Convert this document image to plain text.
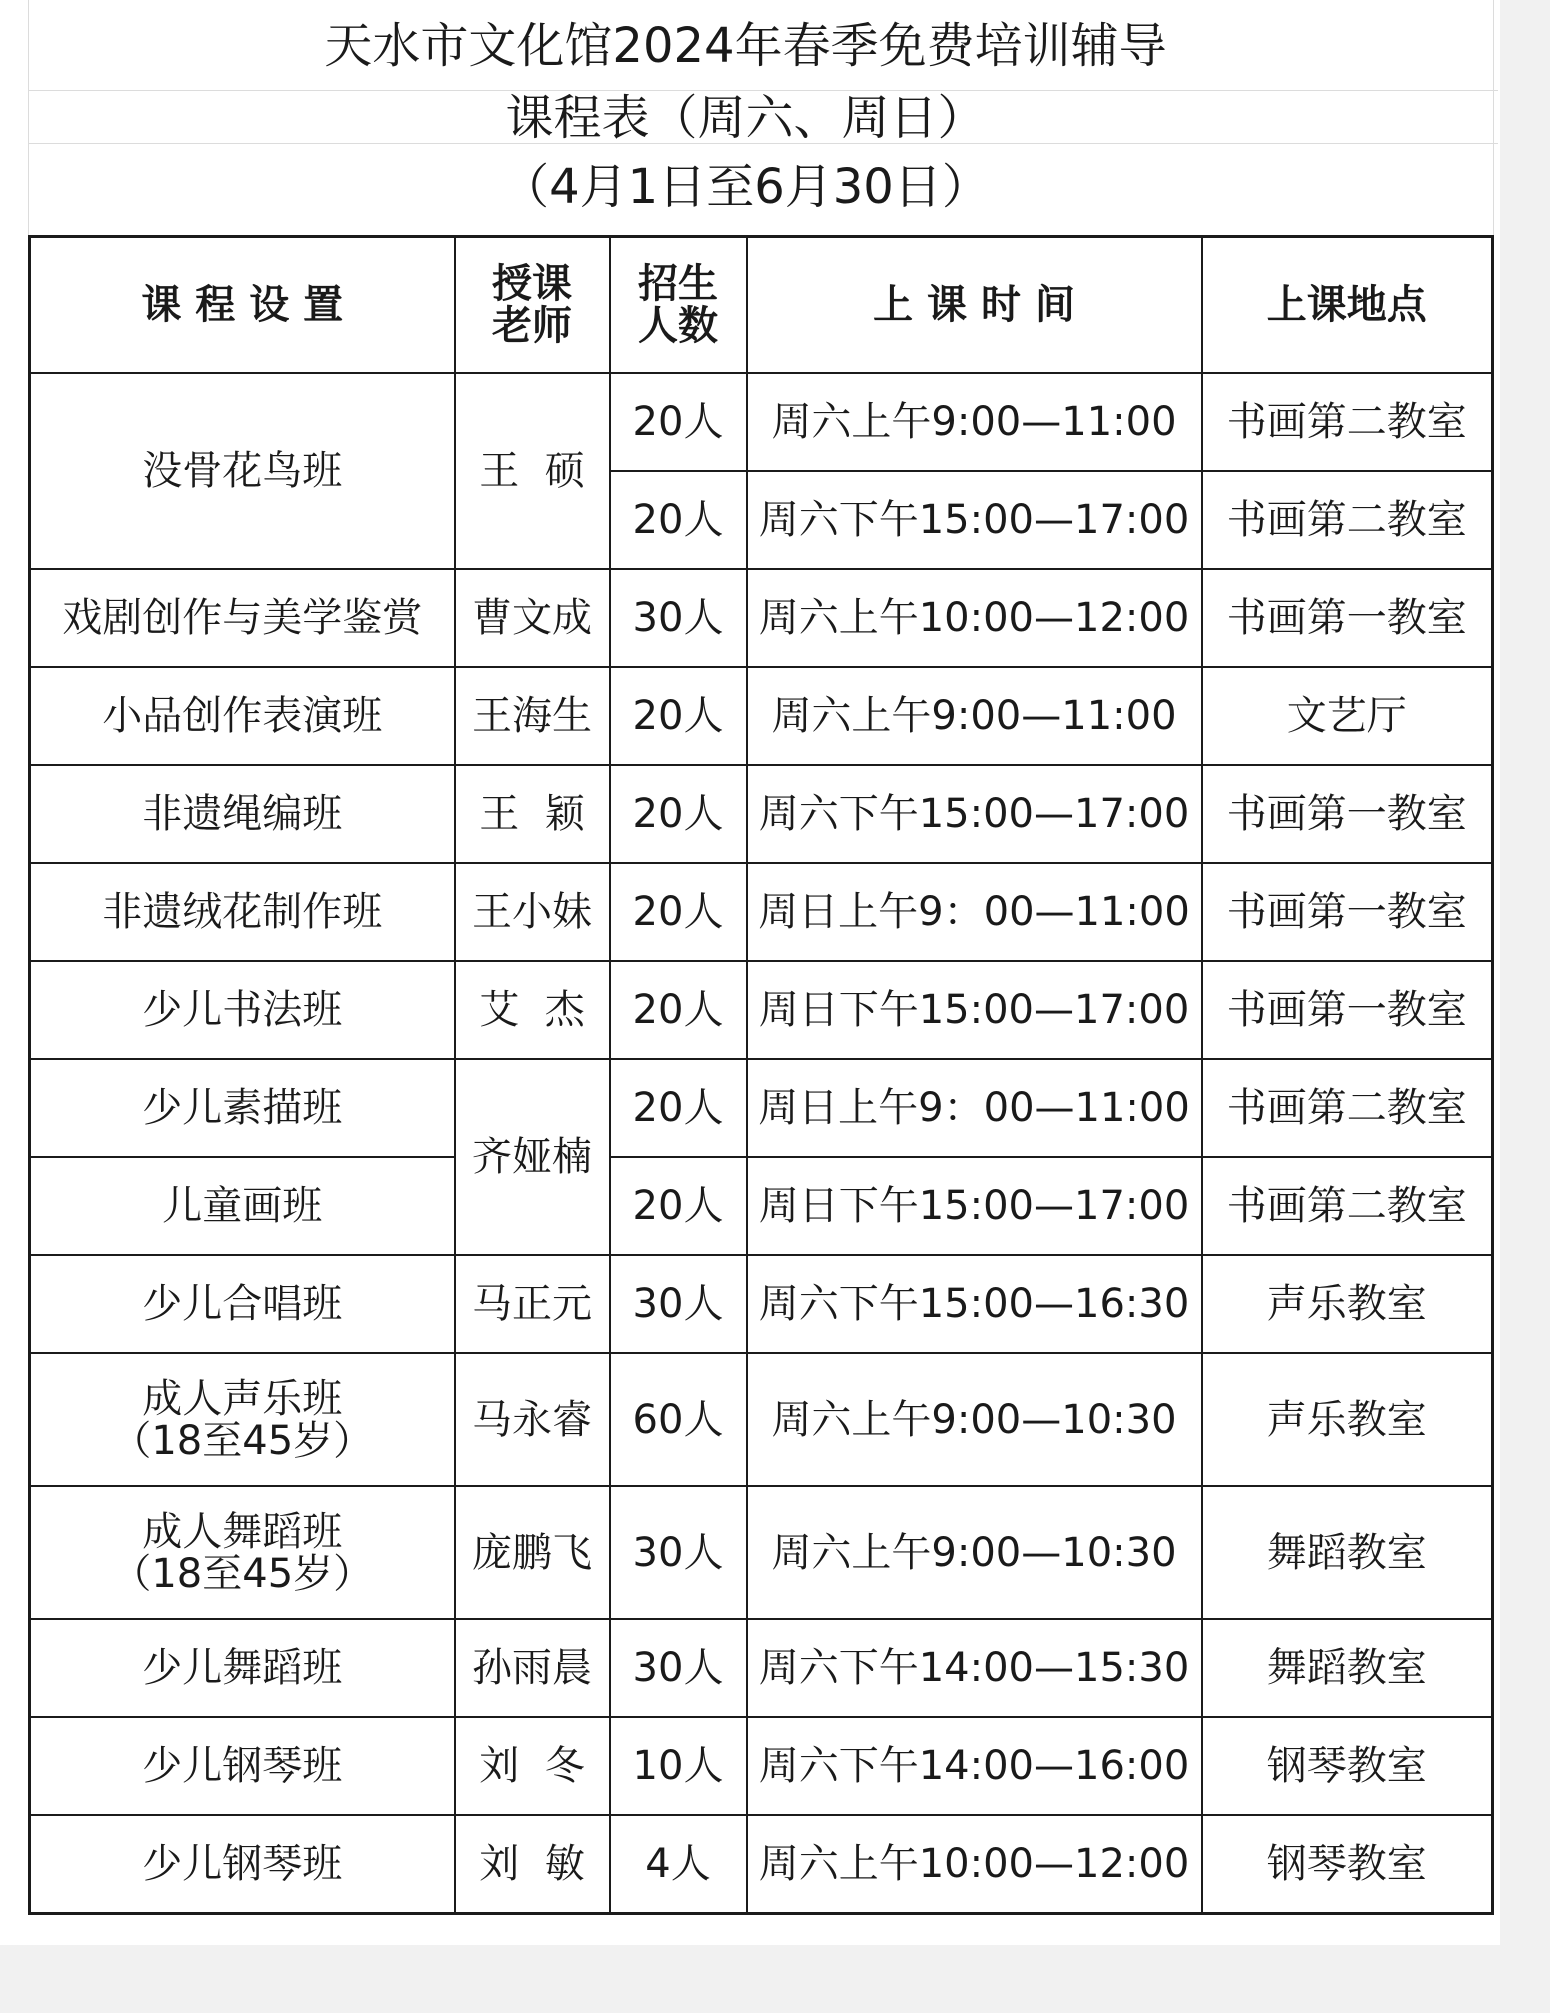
天水市文化馆2024年春季免费培训辅导
课程表（周六、周日）
（4月1日至6月30日）
课 程 设 置	授课老师	招生人数	上 课 时 间	上课地点
没骨花鸟班	王  硕	20人	周六上午9:00—11:00	书画第二教室
		20人	周六下午15:00—17:00	书画第二教室
戏剧创作与美学鉴赏	曹文成	30人	周六上午10:00—12:00	书画第一教室
小品创作表演班	王海生	20人	周六上午9:00—11:00	文艺厅
非遗绳编班	王  颖	20人	周六下午15:00—17:00	书画第一教室
非遗绒花制作班	王小妹	20人	周日上午9：00—11:00	书画第一教室
少儿书法班	艾  杰	20人	周日下午15:00—17:00	书画第一教室
少儿素描班	齐娅楠	20人	周日上午9：00—11:00	书画第二教室
儿童画班		20人	周日下午15:00—17:00	书画第二教室
少儿合唱班	马正元	30人	周六下午15:00—16:30	声乐教室

成人声乐班
（18至45岁）	马永睿	60人	周六上午9:00—10:30	声乐教室

成人舞蹈班
（18至45岁）	庞鹏飞	30人	周六上午9:00—10:30	舞蹈教室
少儿舞蹈班	孙雨晨	30人	周六下午14:00—15:30	舞蹈教室
少儿钢琴班	刘  冬	10人	周六下午14:00—16:00	钢琴教室
少儿钢琴班	刘  敏	4人	周六上午10:00—12:00	钢琴教室
